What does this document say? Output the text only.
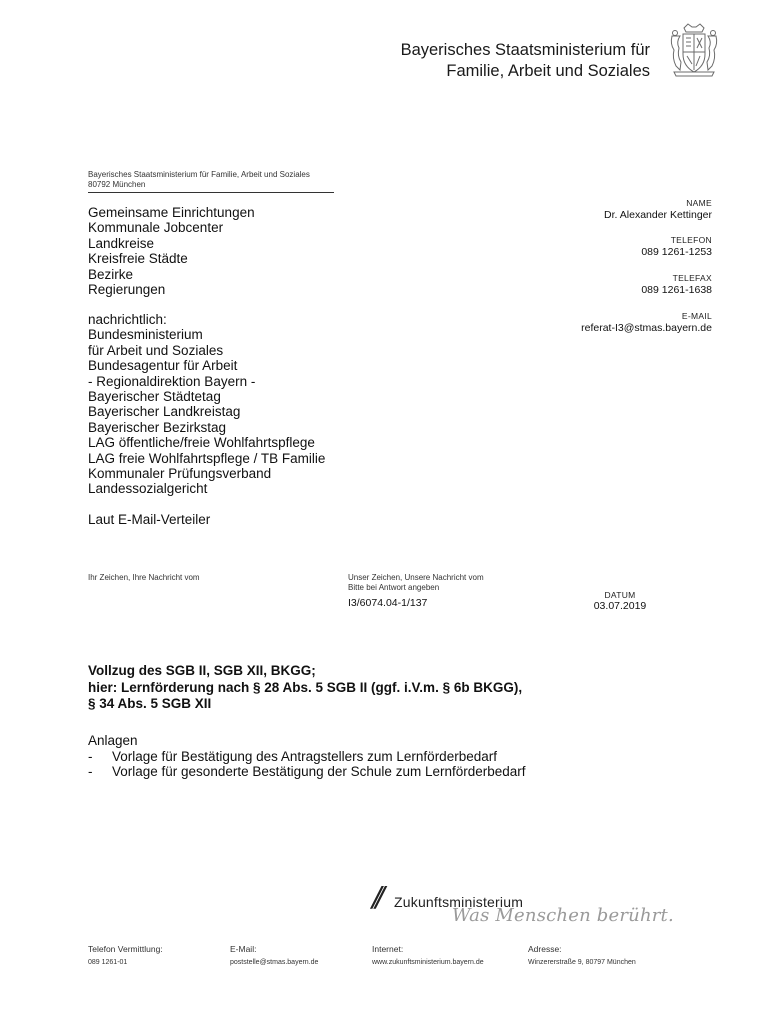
Bayerisches Staatsministerium für
Familie, Arbeit und Soziales
Bayerisches Staatsministerium für Familie, Arbeit und Soziales
80792 München
Gemeinsame Einrichtungen
Kommunale Jobcenter
Landkreise
Kreisfreie Städte
Bezirke
Regierungen
nachrichtlich:
Bundesministerium
für Arbeit und Soziales
Bundesagentur für Arbeit
- Regionaldirektion Bayern -
Bayerischer Städtetag
Bayerischer Landkreistag
Bayerischer Bezirkstag
LAG öffentliche/freie Wohlfahrtspflege
LAG freie Wohlfahrtspflege / TB Familie
Kommunaler Prüfungsverband
Landessozialgericht
Laut E-Mail-Verteiler
NAME
Dr. Alexander Kettinger
TELEFON
089 1261-1253
TELEFAX
089 1261-1638
E-MAIL
referat-I3@stmas.bayern.de
Ihr Zeichen, Ihre Nachricht vom	Unser Zeichen, Unsere Nachricht vom
Bitte bei Antwort angeben
I3/6074.04-1/137
DATUM
03.07.2019
Vollzug des SGB II, SGB XII, BKGG;
hier: Lernförderung nach § 28 Abs. 5 SGB II (ggf. i.V.m. § 6b BKGG),
§ 34 Abs. 5 SGB XII
Anlagen
-	Vorlage für Bestätigung des Antragstellers zum Lernförderbedarf
-	Vorlage für gesonderte Bestätigung der Schule zum Lernförderbedarf
// Zukunftsministerium
Was Menschen berührt.
Telefon Vermittlung:
089 1261-01
E-Mail:
poststelle@stmas.bayern.de
Internet:
www.zukunftsministerium.bayern.de
Adresse:
Winzererstraße 9, 80797 München
